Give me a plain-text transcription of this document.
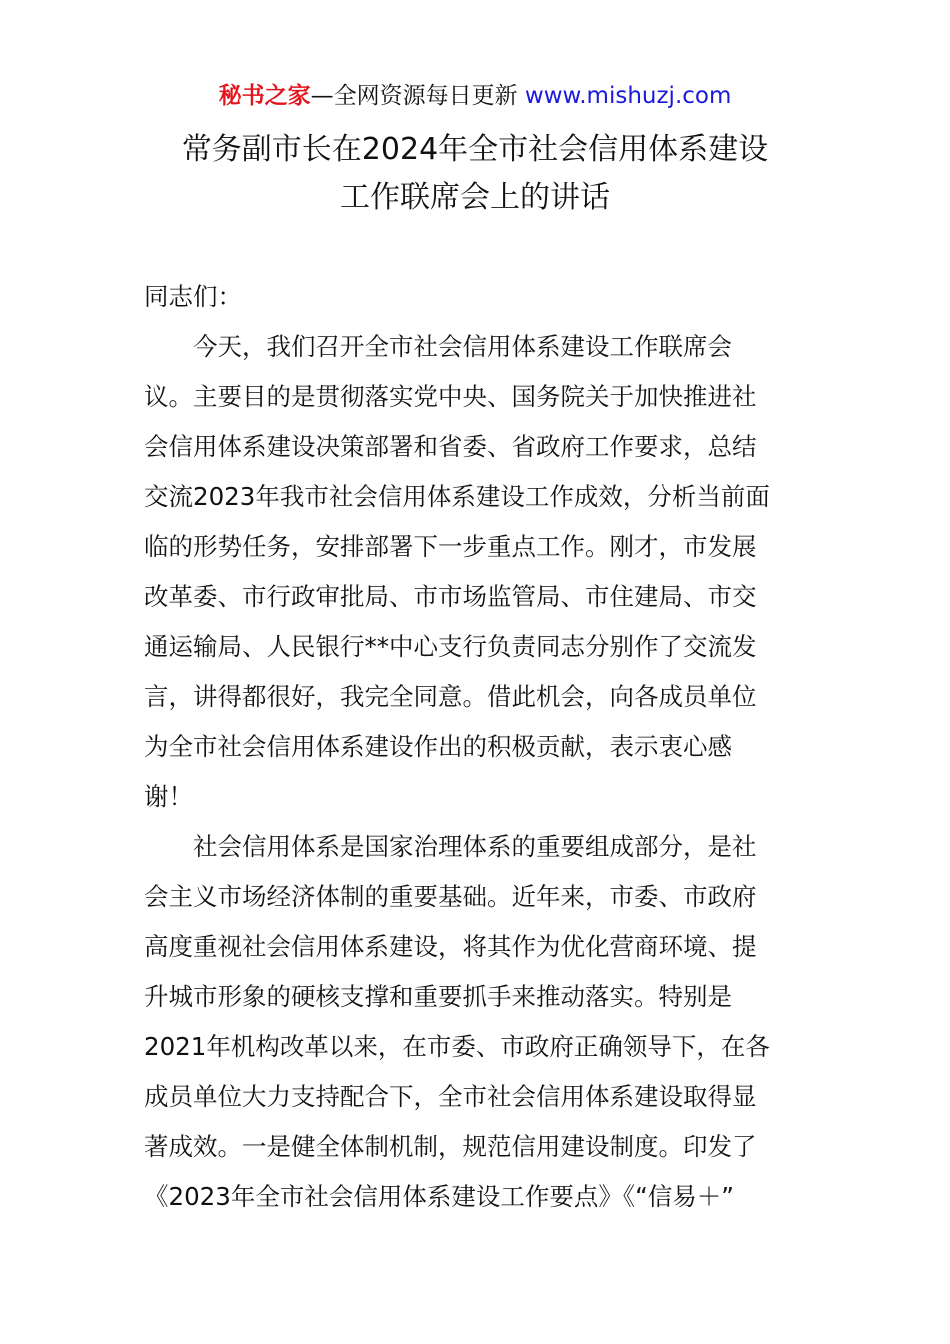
秘书之家—全网资源每日更新 www.mishuzj.com
常务副市长在2024年全市社会信用体系建设
工作联席会上的讲话
同志们：
　　今天，我们召开全市社会信用体系建设工作联席会
议。主要目的是贯彻落实党中央、国务院关于加快推进社
会信用体系建设决策部署和省委、省政府工作要求，总结
交流2023年我市社会信用体系建设工作成效，分析当前面
临的形势任务，安排部署下一步重点工作。刚才，市发展
改革委、市行政审批局、市市场监管局、市住建局、市交
通运输局、人民银行**中心支行负责同志分别作了交流发
言，讲得都很好，我完全同意。借此机会，向各成员单位
为全市社会信用体系建设作出的积极贡献，表示衷心感
谢！
　　社会信用体系是国家治理体系的重要组成部分，是社
会主义市场经济体制的重要基础。近年来，市委、市政府
高度重视社会信用体系建设，将其作为优化营商环境、提
升城市形象的硬核支撑和重要抓手来推动落实。特别是
2021年机构改革以来，在市委、市政府正确领导下，在各
成员单位大力支持配合下，全市社会信用体系建设取得显
著成效。一是健全体制机制，规范信用建设制度。印发了
《2023年全市社会信用体系建设工作要点》《“信易＋”
